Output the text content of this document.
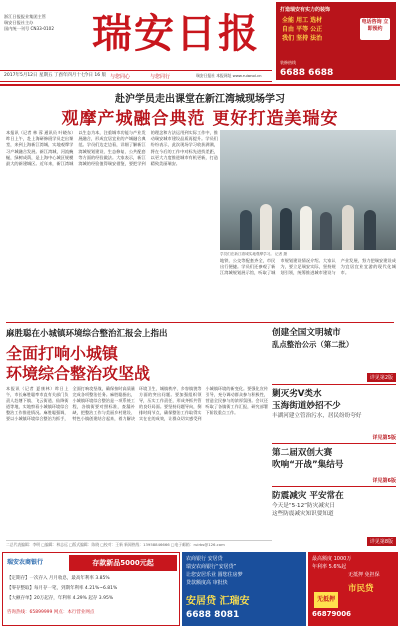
浙江日报报业集团主管
瑞安日报社主办
国内统一刊号 CN33-0102 瑞安日报	打造瑞安有实力的装饰
全能 用工 选材
自由 平等 公正
我们 坚持 法治
电话咨询 立即预约
装修热线
6688 6688
2017年5月12日 星期五 丁酉年四月十七
今日 16 版 与您同心	与您同行	瑞安日报社 本报网址 www.ruianol.cn
赴沪学员走出课堂在新江湾城现场学习
观摩产城融合典范 更好打造美瑞安
本报讯（记者 林 蓉 通讯员 叶晓东）昨日上午，赴上海研修班学员走出课堂，来到上海新江湾城，实地观摩学习产城融合发展。新江湾城，河流蜿蜒，绿树成荫，是上海中心城区规模最大的新建城区。近年来，新江湾城以生态为本，注重城市功能与产业发展融合，形成宜居宜业的产城融合典范。学员们边走边看，详细了解新江湾城规划建设、生态修复、公共配套等方面的经验做法。大家表示，新江湾城的经验值得瑞安借鉴，要把学到的理念和方法运用到实际工作中，推动瑞安城市建设品质再提升。学员们纷纷表示，此次现场学习收获满满，将在今后的工作中对标先进找差距，以更大力度推进城市有机更新，打造精致美丽瑞安。
学员们在新江湾城实地观摩学习。 记者 摄
地铁、公交等配套齐全，市民出行便捷。学员们还参观了新江湾城规划展示馆，听取了城市规划建设情况介绍。大家认为，要立足瑞安实际，坚持规划引领，统筹推进城市建设与产业发展，努力把瑞安建设成为宜居宜业宜游的现代化城市。
麻胜聪在小城镇环境综合整治汇报会上指出
全面打响小城镇
环境综合整治攻坚战
本报讯（记者 夏康林）昨日上午，市长麻胜聪率市直有关部门负责人赴塘下镇、飞云街道、仙降街道等地，实地察看小城镇环境综合整治工作推进情况。麻胜聪强调，要以小城镇环境综合整治为抓手，全面打响攻坚战，确保按时高质量完成各项整治任务。麻胜聪指出，小城镇环境综合整治是一项系统工程，各镇街要对照标准，查漏补缺，把整治工作与美丽乡村建设、特色小镇创建结合起来，着力解决环境卫生、城镇秩序、乡容镇貌等方面的突出问题。要加强组织领导，压实工作责任，形成齐抓共管的良好局面。要坚持问题导向，倒排时间节点，确保整治工作取得实实在在的成效，让群众切实感受到小城镇环境的新变化。要强化宣传引导，充分调动群众参与积极性，营造全民参与的浓厚氛围。会议还听取了各镇街工作汇报，研究部署下阶段重点工作。
创建全国文明城市
乱点整治公示（第二批）
详见第2版
剿灭劣V类水
玉海街道妙招不少
丰湖河建立管治污水，居民纷纷夸好
详见第5版
第二届双创大赛
吹响“开战”集结号
详见第6版
防震减灾 平安常在
今天是“5·12”防灾减灾日
这些防震减灾知识要知道
详见第8版
二总代表编辑：李明 □编辑：林志远 □版式编辑：陈晓 □校对：王新 新闻热线：13958846666 □电子邮箱：ruirbs@126.com
瑞安农商银行	存款新品5000元起
【定期存】一次存入 月月收息，最高年利率 3.85%
【零存整取】每月存一笔，到期年利率 4.21%~6.81%
【大额存单】20万起存，年利率 4.29% 起存 3.95%
咨询热线：65899999 网点：本行营业网点
农商银行 安居贷
瑞安农商银行“安居贷”
让您安居乐业 圆您住房梦
贷款额度高 审批快
安居贷 汇瑞安
6688 8081
最高额度 1000万
年利率 5.6%起
无抵押 免担保
市民贷
无抵押
66879006
